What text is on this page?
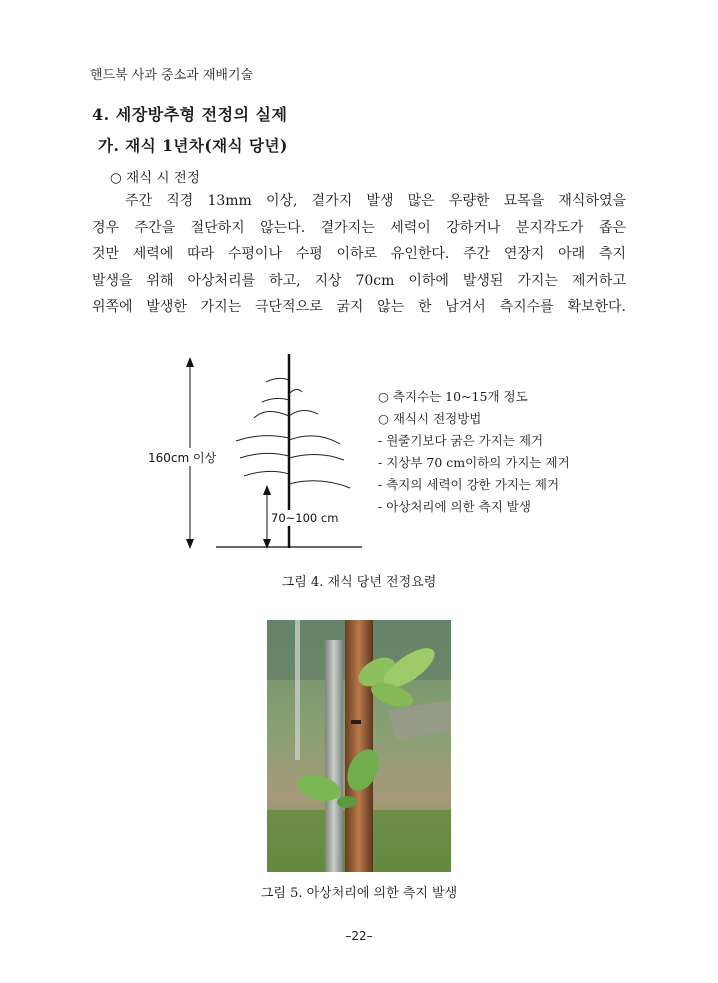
핸드북 사과 중소과 재배기술
4. 세장방추형 전정의 실제
가. 재식 1년차(재식 당년)
○ 재식 시 전정
주간 직경 13mm 이상, 곁가지 발생 많은 우량한 묘목을 재식하였을
경우 주간을 절단하지 않는다. 곁가지는 세력이 강하거나 분지각도가 좁은
것만 세력에 따라 수평이나 수평 이하로 유인한다. 주간 연장지 아래 측지
발생을 위해 아상처리를 하고, 지상 70cm 이하에 발생된 가지는 제거하고
위쪽에 발생한 가지는 극단적으로 굵지 않는 한 남겨서 측지수를 확보한다.
160cm 이상
70~100 cm
○ 측지수는 10~15개 정도
○ 재식시 전정방법
- 원줄기보다 굵은 가지는 제거
- 지상부 70 cm이하의 가지는 제거
- 측지의 세력이 강한 가지는 제거
- 아상처리에 의한 측지 발생
그림 4. 재식 당년 전정요령
그림 5. 아상처리에 의한 측지 발생
–22–
